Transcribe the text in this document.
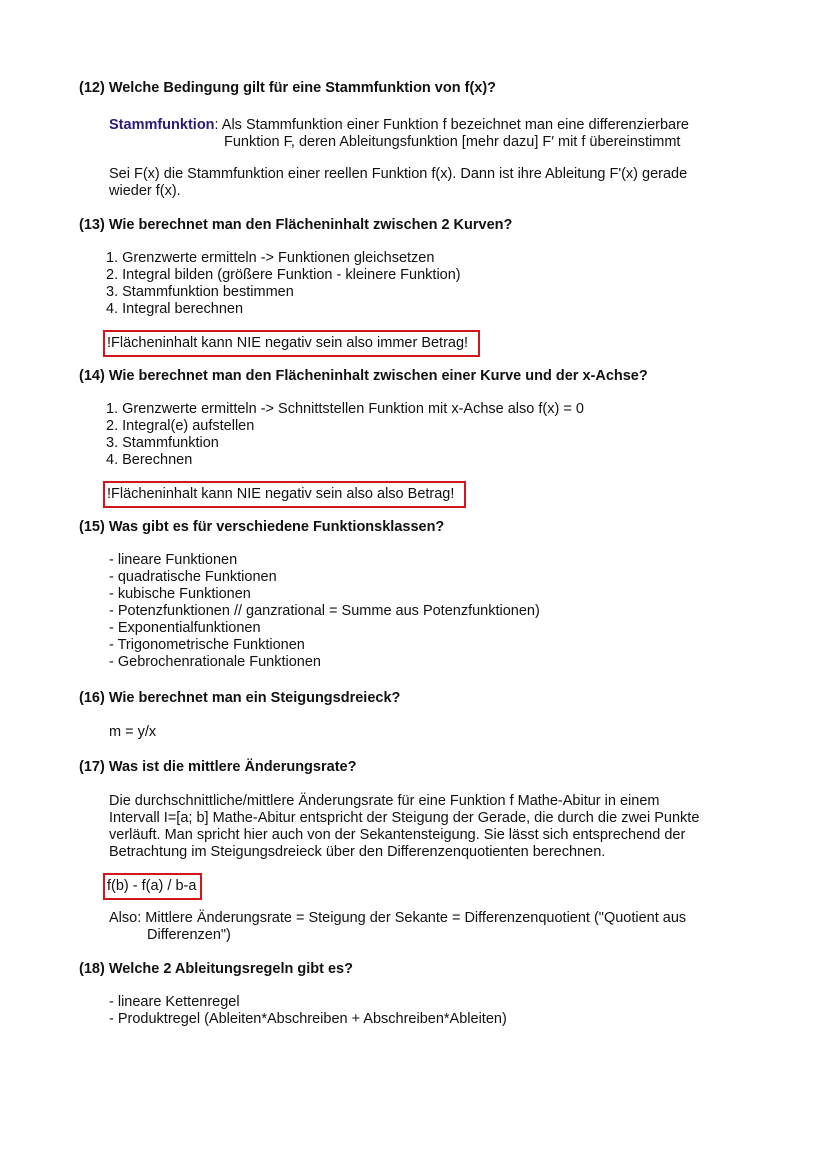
(12) Welche Bedingung gilt für eine Stammfunktion von f(x)?

Stammfunktion: Als Stammfunktion einer Funktion f bezeichnet man eine differenzierbare

Funktion F, deren Ableitungsfunktion [mehr dazu] F′ mit f übereinstimmt

Sei F(x) die Stammfunktion einer reellen Funktion f(x). Dann ist ihre Ableitung F'(x) gerade

wieder f(x).

(13) Wie berechnet man den Flächeninhalt zwischen 2 Kurven?
1. Grenzwerte ermitteln -> Funktionen gleichsetzen
2. Integral bilden (größere Funktion - kleinere Funktion)
3. Stammfunktion bestimmen
4. Integral berechnen
!Flächeninhalt kann NIE negativ sein also immer Betrag!
(14) Wie berechnet man den Flächeninhalt zwischen einer Kurve und der x-Achse?
1. Grenzwerte ermitteln -> Schnittstellen Funktion mit x-Achse also f(x) = 0
2. Integral(e) aufstellen
3. Stammfunktion
4. Berechnen
!Flächeninhalt kann NIE negativ sein also also Betrag!
(15) Was gibt es für verschiedene Funktionsklassen?
- lineare Funktionen
- quadratische Funktionen
- kubische Funktionen
- Potenzfunktionen // ganzrational = Summe aus Potenzfunktionen)
- Exponentialfunktionen
- Trigonometrische Funktionen
- Gebrochenrationale Funktionen
(16) Wie berechnet man ein Steigungsdreieck?

m = y/x

(17) Was ist die mittlere Änderungsrate?

Die durchschnittliche/mittlere Änderungsrate für eine Funktion f Mathe-Abitur in einem

Intervall I=[a; b] Mathe-Abitur entspricht der Steigung der Gerade, die durch die zwei Punkte

verläuft. Man spricht hier auch von der Sekantensteigung. Sie lässt sich entsprechend der

Betrachtung im Steigungsdreieck über den Differenzenquotienten berechnen.

f(b) - f(a) / b-a

Also: Mittlere Änderungsrate = Steigung der Sekante = Differenzenquotient ("Quotient aus

Differenzen")

(18) Welche 2 Ableitungsregeln gibt es?
- lineare Kettenregel
- Produktregel (Ableiten*Abschreiben + Abschreiben*Ableiten)
